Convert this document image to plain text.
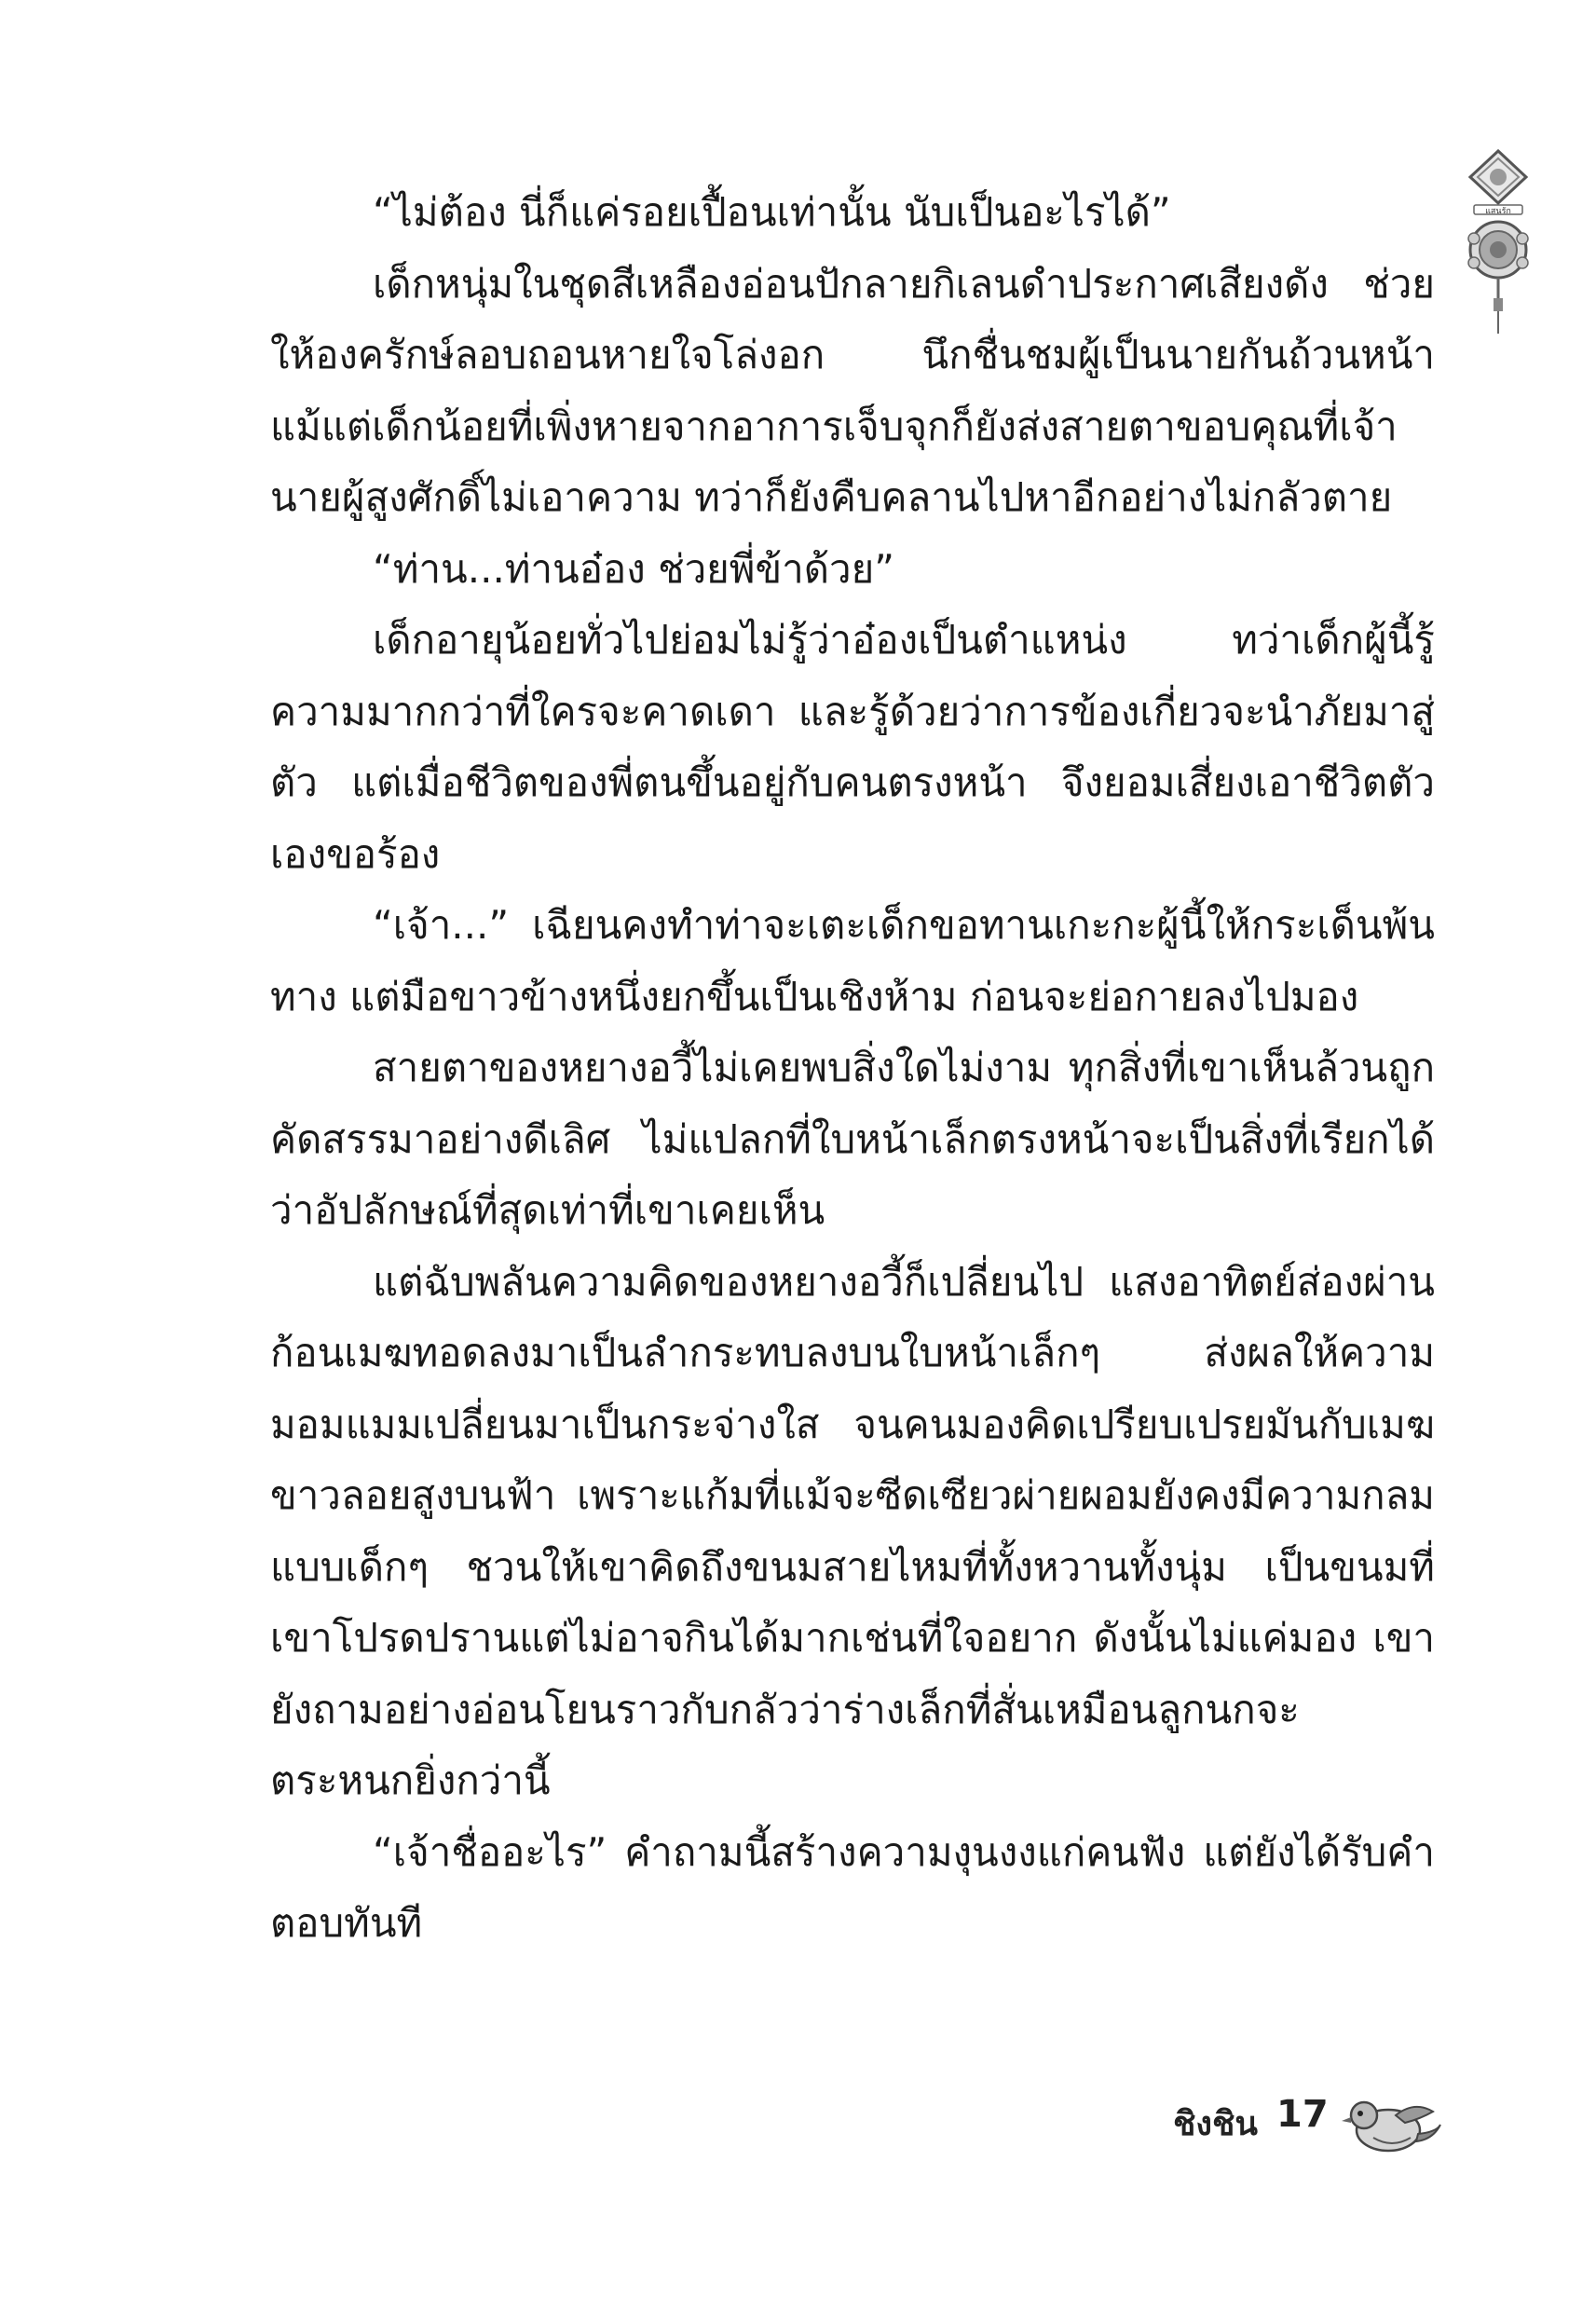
แสนรัก

“ไม่ต้อง นี่ก็แค่รอยเปื้อนเท่านั้น นับเป็นอะไรได้”

เด็กหนุ่มในชุดสีเหลืองอ่อนปักลายกิเลนดำประกาศเสียงดัง ช่วยให้องครักษ์ลอบถอนหายใจโล่งอก นึกชื่นชมผู้เป็นนายกันถ้วนหน้า แม้แต่เด็กน้อยที่เพิ่งหายจากอาการเจ็บจุกก็ยังส่งสายตาขอบคุณที่เจ้านายผู้สูงศักดิ์ไม่เอาความ ทว่าก็ยังคืบคลานไปหาอีกอย่างไม่กลัวตาย

“ท่าน...ท่านอ๋อง ช่วยพี่ข้าด้วย”

เด็กอายุน้อยทั่วไปย่อมไม่รู้ว่าอ๋องเป็นตำแหน่ง ทว่าเด็กผู้นี้รู้ความมากกว่าที่ใครจะคาดเดา และรู้ด้วยว่าการข้องเกี่ยวจะนำภัยมาสู่ตัว แต่เมื่อชีวิตของพี่ตนขึ้นอยู่กับคนตรงหน้า จึงยอมเสี่ยงเอาชีวิตตัวเองขอร้อง

“เจ้า...” เฉียนคงทำท่าจะเตะเด็กขอทานเกะกะผู้นี้ให้กระเด็นพ้นทาง แต่มือขาวข้างหนึ่งยกขึ้นเป็นเชิงห้าม ก่อนจะย่อกายลงไปมอง

สายตาของหยางอวี้ไม่เคยพบสิ่งใดไม่งาม ทุกสิ่งที่เขาเห็นล้วนถูกคัดสรรมาอย่างดีเลิศ ไม่แปลกที่ใบหน้าเล็กตรงหน้าจะเป็นสิ่งที่เรียกได้ว่าอัปลักษณ์ที่สุดเท่าที่เขาเคยเห็น

แต่ฉับพลันความคิดของหยางอวี้ก็เปลี่ยนไป แสงอาทิตย์ส่องผ่านก้อนเมฆทอดลงมาเป็นลำกระทบลงบนใบหน้าเล็กๆ ส่งผลให้ความมอมแมมเปลี่ยนมาเป็นกระจ่างใส จนคนมองคิดเปรียบเปรยมันกับเมฆขาวลอยสูงบนฟ้า เพราะแก้มที่แม้จะซีดเซียวผ่ายผอมยังคงมีความกลมแบบเด็กๆ ชวนให้เขาคิดถึงขนมสายไหมที่ทั้งหวานทั้งนุ่ม เป็นขนมที่เขาโปรดปรานแต่ไม่อาจกินได้มากเช่นที่ใจอยาก ดังนั้นไม่แค่มอง เขายังถามอย่างอ่อนโยนราวกับกลัวว่าร่างเล็กที่สั่นเหมือนลูกนกจะตระหนกยิ่งกว่านี้

“เจ้าชื่ออะไร” คำถามนี้สร้างความงุนงงแก่คนฟัง แต่ยังได้รับคำตอบทันที

ชิงชิน 17
